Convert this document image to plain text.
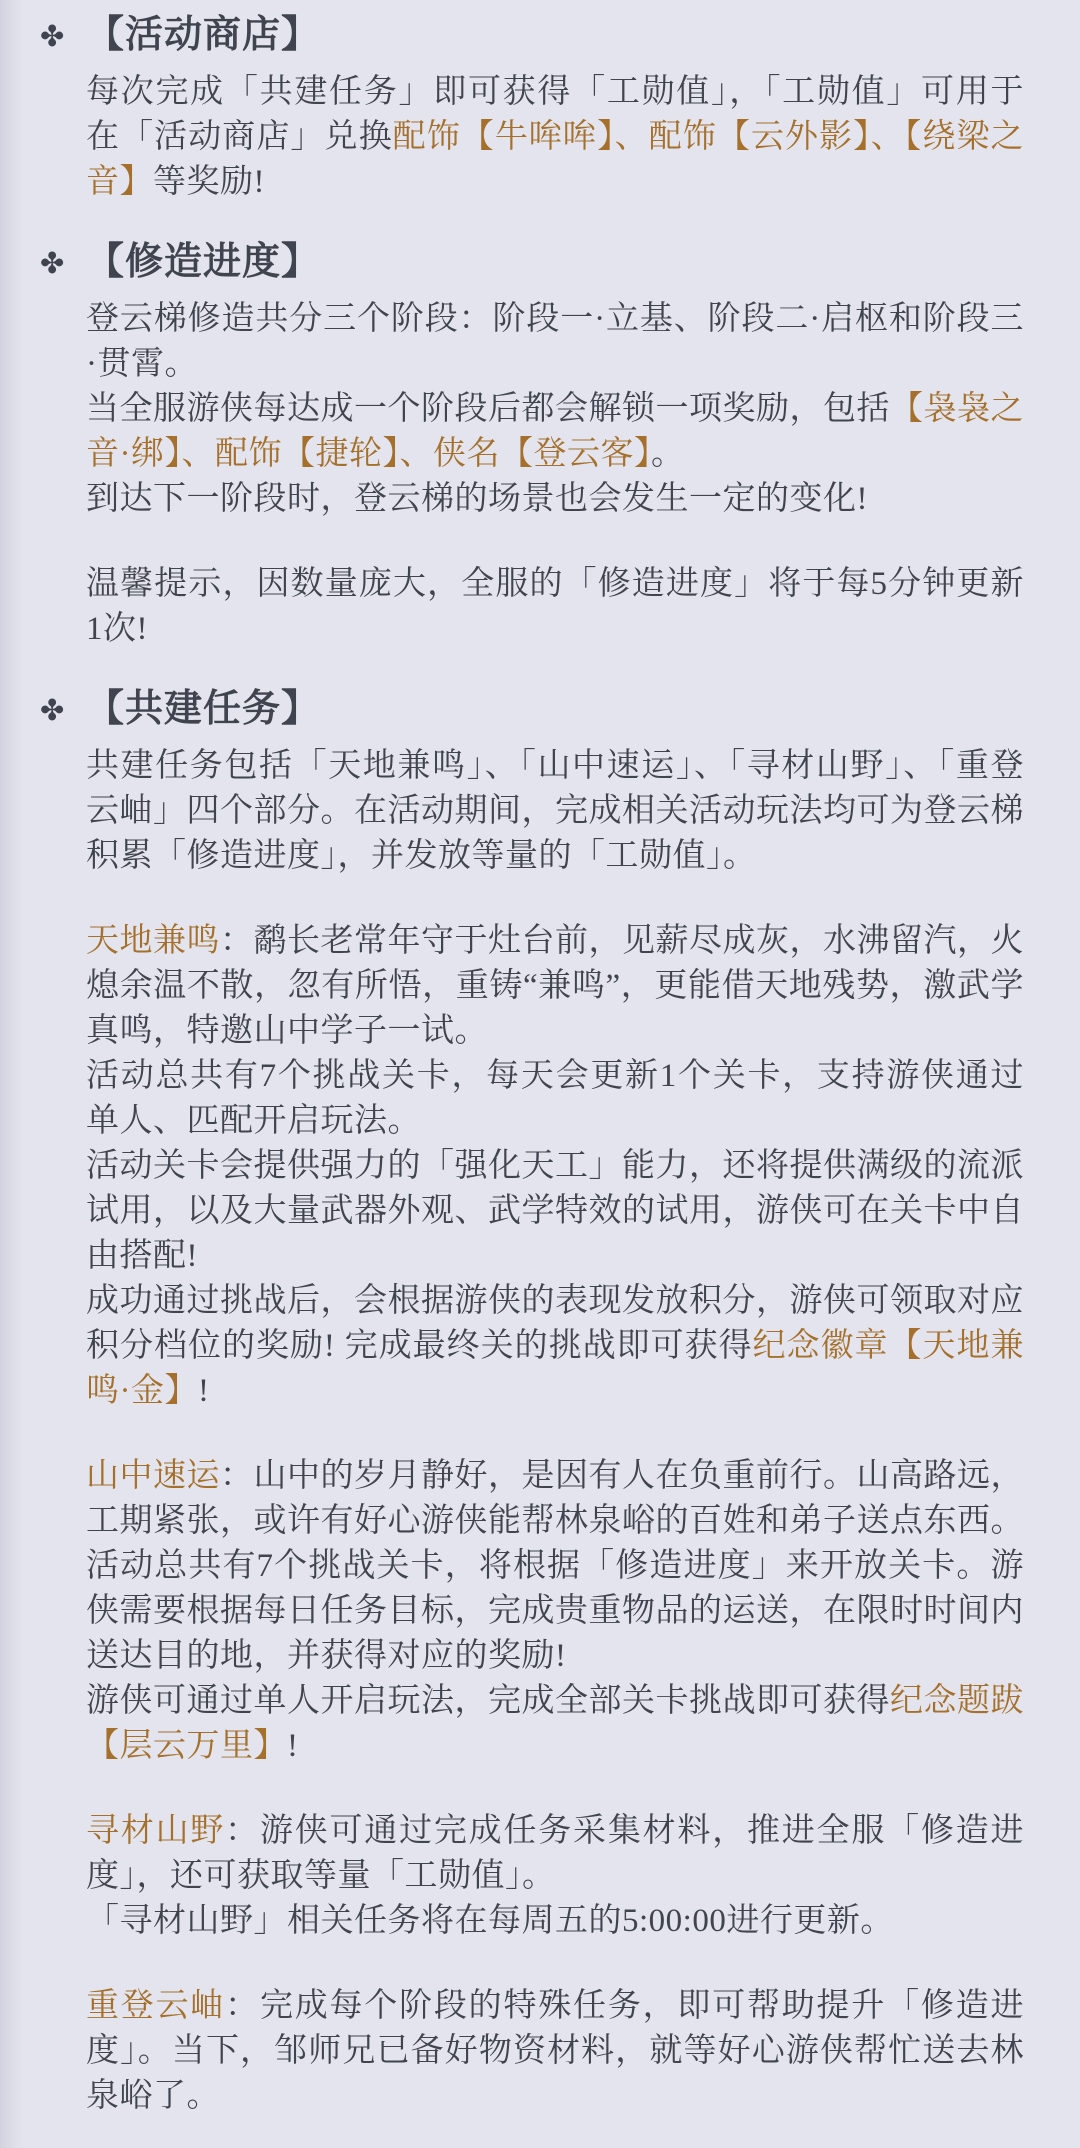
✤ 【活动商店】

每次完成「共建任务」即可获得「工勋值」，「工勋值」可用于在「活动商店」兑换配饰【牛哞哞】、配饰【云外影】、【绕梁之音】等奖励!

✤ 【修造进度】

登云梯修造共分三个阶段：阶段一·立基、阶段二·启枢和阶段三·贯霄。

当全服游侠每达成一个阶段后都会解锁一项奖励，包括【袅袅之音·绑】、配饰【捷轮】、侠名【登云客】。

到达下一阶段时，登云梯的场景也会发生一定的变化!

温馨提示，因数量庞大，全服的「修造进度」将于每5分钟更新1次!

✤ 【共建任务】

共建任务包括「天地兼鸣」、「山中速运」、「寻材山野」、「重登云岫」四个部分。在活动期间，完成相关活动玩法均可为登云梯积累「修造进度」，并发放等量的「工勋值」。

天地兼鸣：鹬长老常年守于灶台前，见薪尽成灰，水沸留汽，火熄余温不散，忽有所悟，重铸“兼鸣”，更能借天地残势，激武学真鸣，特邀山中学子一试。

活动总共有7个挑战关卡，每天会更新1个关卡，支持游侠通过单人、匹配开启玩法。

活动关卡会提供强力的「强化天工」能力，还将提供满级的流派试用，以及大量武器外观、武学特效的试用，游侠可在关卡中自由搭配!

成功通过挑战后，会根据游侠的表现发放积分，游侠可领取对应积分档位的奖励! 完成最终关的挑战即可获得纪念徽章【天地兼鸣·金】!

山中速运：山中的岁月静好，是因有人在负重前行。山高路远，工期紧张，或许有好心游侠能帮林泉峪的百姓和弟子送点东西。

活动总共有7个挑战关卡，将根据「修造进度」来开放关卡。游侠需要根据每日任务目标，完成贵重物品的运送，在限时时间内送达目的地，并获得对应的奖励!

游侠可通过单人开启玩法，完成全部关卡挑战即可获得纪念题跋【层云万里】!

寻材山野：游侠可通过完成任务采集材料，推进全服「修造进度」，还可获取等量「工勋值」。

「寻材山野」相关任务将在每周五的5:00:00进行更新。

重登云岫：完成每个阶段的特殊任务，即可帮助提升「修造进度」。当下，邹师兄已备好物资材料，就等好心游侠帮忙送去林泉峪了。
